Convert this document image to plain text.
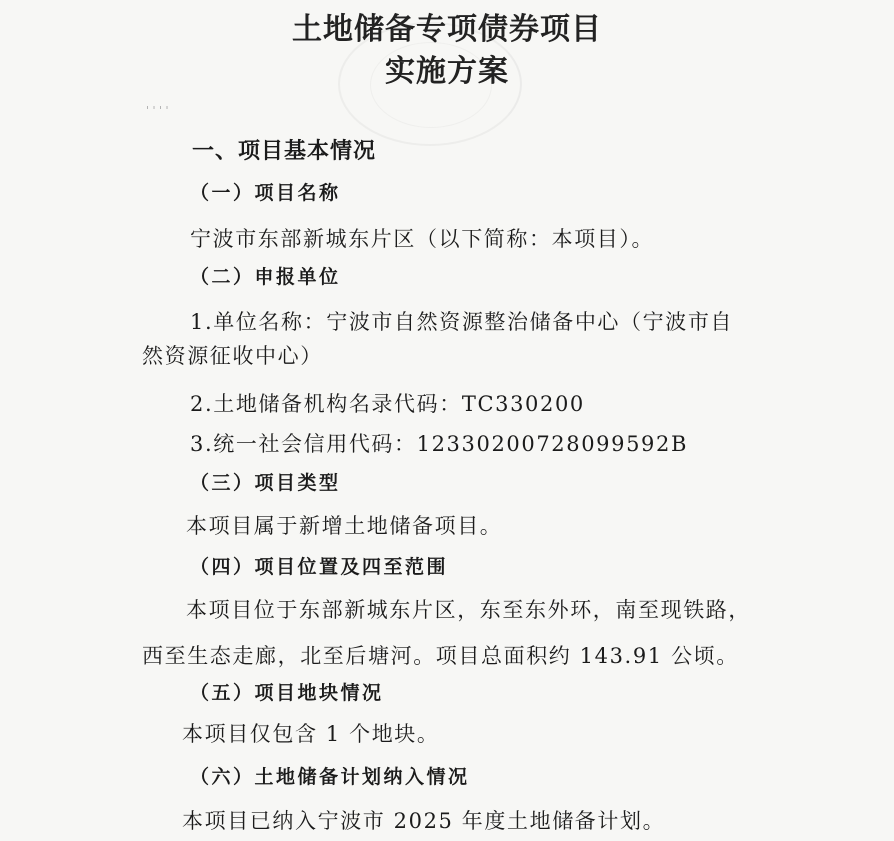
' ' ' '
土地储备专项债券项目
实施方案
一、项目基本情况
（一）项目名称
宁波市东部新城东片区（以下简称：本项目）。
（二）申报单位
1.单位名称：宁波市自然资源整治储备中心（宁波市自
然资源征收中心）
2.土地储备机构名录代码：TC330200
3.统一社会信用代码：12330200728099592B
（三）项目类型
本项目属于新增土地储备项目。
（四）项目位置及四至范围
本项目位于东部新城东片区，东至东外环，南至现铁路，
西至生态走廊，北至后塘河。项目总面积约 143.91 公顷。
（五）项目地块情况
本项目仅包含 1 个地块。
（六）土地储备计划纳入情况
本项目已纳入宁波市 2025 年度土地储备计划。
